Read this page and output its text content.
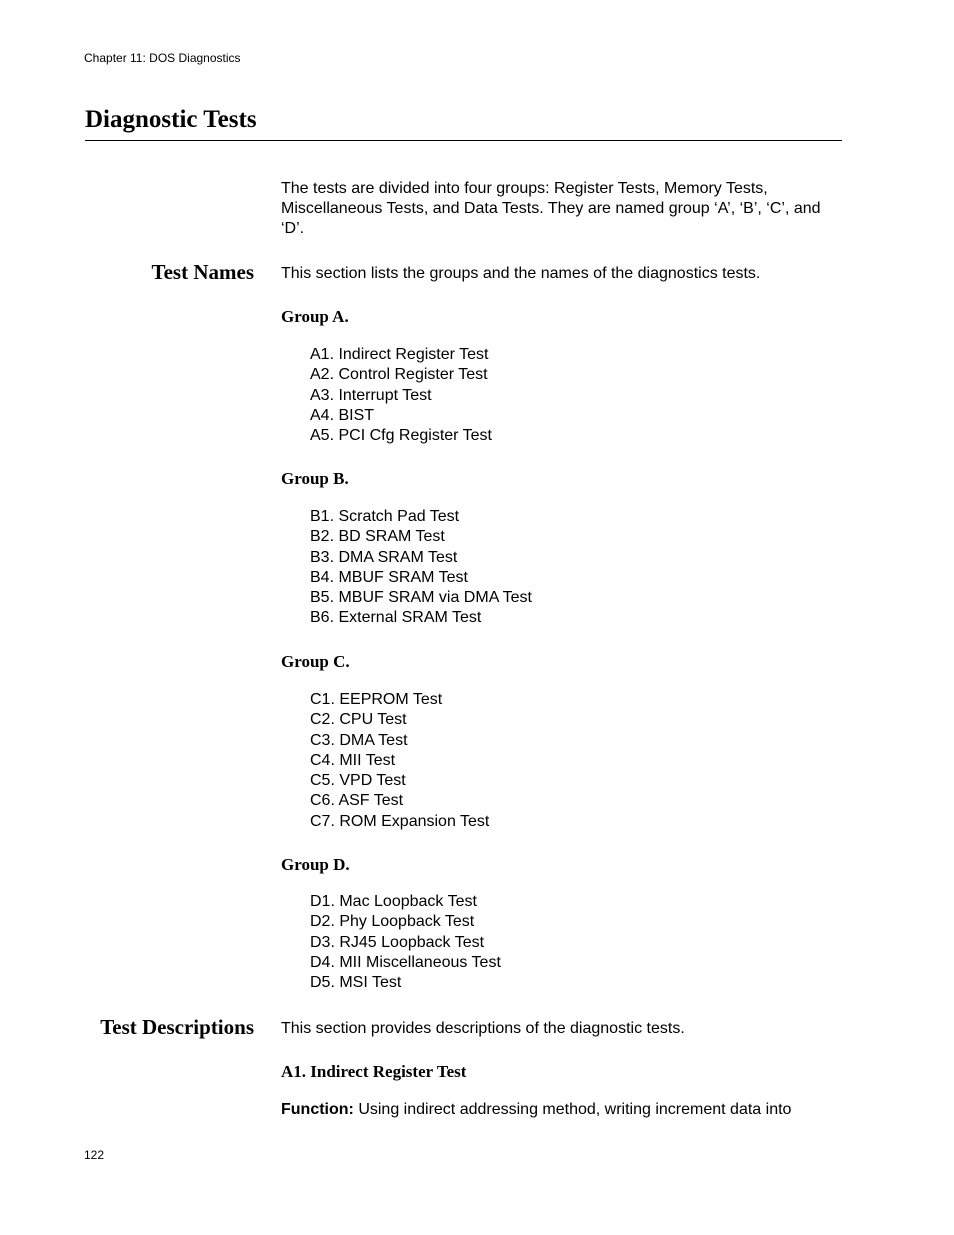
Chapter 11: DOS Diagnostics
Diagnostic Tests
The tests are divided into four groups: Register Tests, Memory Tests, Miscellaneous Tests, and Data Tests. They are named group ‘A’, ‘B’, ‘C’, and ‘D’.
Test Names This section lists the groups and the names of the diagnostics tests.
Group A.
A1. Indirect Register Test
A2. Control Register Test
A3. Interrupt Test
A4. BIST
A5. PCI Cfg Register Test
Group B.
B1. Scratch Pad Test
B2. BD SRAM Test
B3. DMA SRAM Test
B4. MBUF SRAM Test
B5. MBUF SRAM via DMA Test
B6. External SRAM Test
Group C.
C1. EEPROM Test
C2. CPU Test
C3. DMA Test
C4. MII Test
C5. VPD Test
C6. ASF Test
C7. ROM Expansion Test
Group D.
D1. Mac Loopback Test
D2. Phy Loopback Test
D3. RJ45 Loopback Test
D4. MII Miscellaneous Test
D5. MSI Test
Test Descriptions This section provides descriptions of the diagnostic tests.
A1. Indirect Register Test
Function: Using indirect addressing method, writing increment data into
122
